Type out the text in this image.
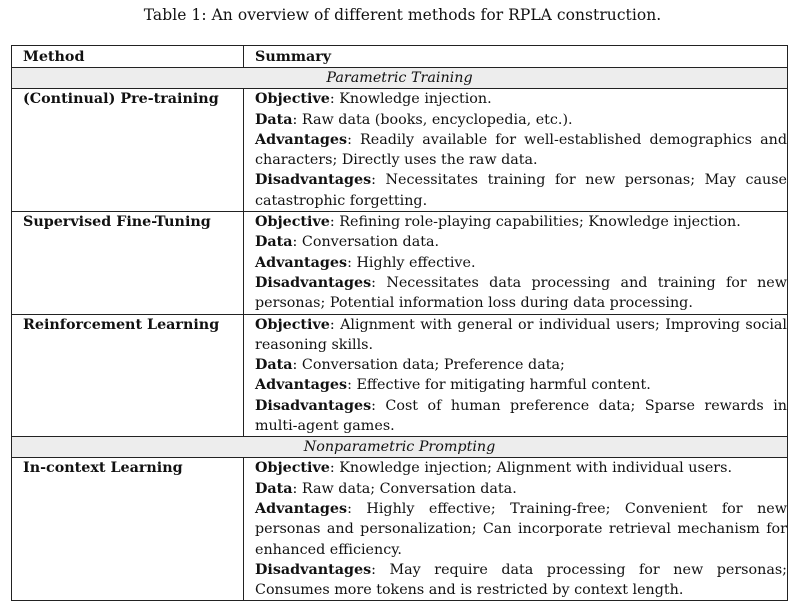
Table 1: An overview of different methods for RPLA construction.
Method	Summary
Parametric Training	
(Continual) Pre-training	Objective: Knowledge injection.
Data: Raw data (books, encyclopedia, etc.).
Advantages: Readily available for well-established demographics and characters; Directly uses the raw data.
Disadvantages: Necessitates training for new personas; May cause catastrophic forgetting.

Supervised Fine-Tuning	Objective: Refining role-playing capabilities; Knowledge injection.
Data: Conversation data.
Advantages: Highly effective.
Disadvantages: Necessitates data processing and training for new personas; Potential information loss during data processing.

Reinforcement Learning	Objective: Alignment with general or individual users; Improving social reasoning skills.
Data: Conversation data; Preference data;
Advantages: Effective for mitigating harmful content.
Disadvantages: Cost of human preference data; Sparse rewards in multi-agent games.

Nonparametric Prompting	
In-context Learning	Objective: Knowledge injection; Alignment with individual users.
Data: Raw data; Conversation data.
Advantages: Highly effective; Training-free; Convenient for new personas and personalization; Can incorporate retrieval mechanism for enhanced efficiency.
Disadvantages: May require data processing for new personas; Consumes more tokens and is restricted by context length.
